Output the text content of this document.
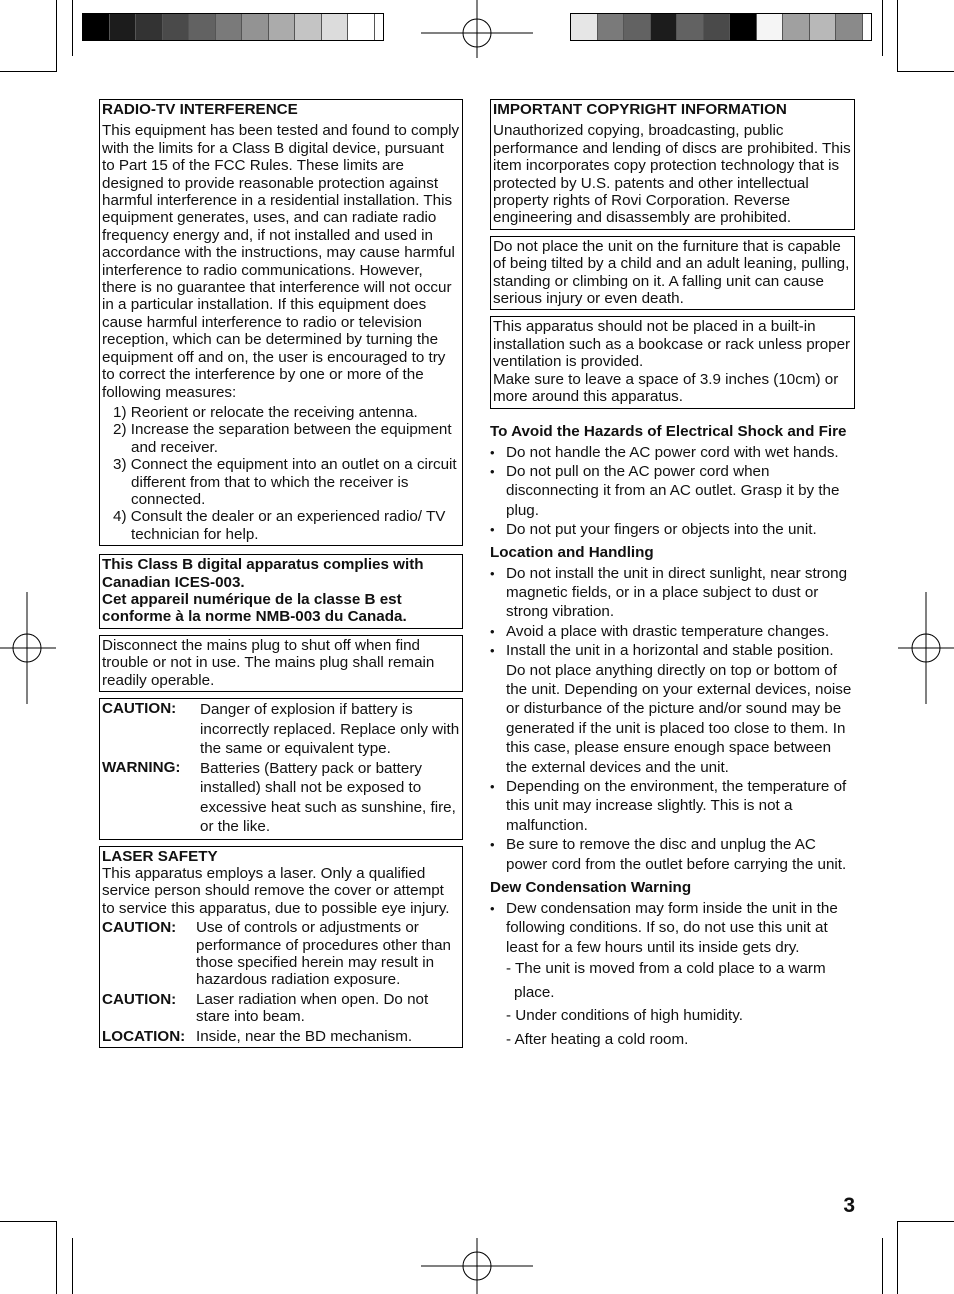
RADIO-TV INTERFERENCE

This equipment has been tested and found to comply with the limits for a Class B digital device, pursuant to Part 15 of the FCC Rules. These limits are designed to provide reasonable protection against harmful interference in a residential installation. This equipment generates, uses, and can radiate radio frequency energy and, if not installed and used in accordance with the instructions, may cause harmful interference to radio communications. However, there is no guarantee that interference will not occur in a particular installation. If this equipment does cause harmful interference to radio or television reception, which can be determined by turning the equipment off and on, the user is encouraged to try to correct the interference by one or more of the following measures:

1) Reorient or relocate the receiving antenna.
2) Increase the separation between the equipment and receiver.
3) Connect the equipment into an outlet on a circuit different from that to which the receiver is connected.
4) Consult the dealer or an experienced radio/ TV technician for help.

This Class B digital apparatus complies with Canadian ICES-003.

Cet appareil numérique de la classe B est conforme à la norme NMB-003 du Canada.

Disconnect the mains plug to shut off when find trouble or not in use. The mains plug shall remain readily operable.

CAUTION:	Danger of explosion if battery is incorrectly replaced. Replace only with the same or equivalent type.
WARNING:	Batteries (Battery pack or battery installed) shall not be exposed to excessive heat such as sunshine, fire, or the like.

LASER SAFETY

This apparatus employs a laser. Only a qualified service person should remove the cover or attempt to service this apparatus, due to possible eye injury.

CAUTION:	Use of controls or adjustments or performance of procedures other than those specified herein may result in hazardous radiation exposure.
CAUTION:	Laser radiation when open. Do not stare into beam.
LOCATION: Inside, near the BD mechanism.

IMPORTANT COPYRIGHT INFORMATION

Unauthorized copying, broadcasting, public performance and lending of discs are prohibited. This item incorporates copy protection technology that is protected by U.S. patents and other intellectual property rights of Rovi Corporation. Reverse engineering and disassembly are prohibited.

Do not place the unit on the furniture that is capable of being tilted by a child and an adult leaning, pulling, standing or climbing on it. A falling unit can cause serious injury or even death.

This apparatus should not be placed in a built-in installation such as a bookcase or rack unless proper ventilation is provided.

Make sure to leave a space of 3.9 inches (10cm) or more around this apparatus.

To Avoid the Hazards of Electrical Shock and Fire
• Do not handle the AC power cord with wet hands.
• Do not pull on the AC power cord when disconnecting it from an AC outlet. Grasp it by the plug.
• Do not put your fingers or objects into the unit.
Location and Handling
• Do not install the unit in direct sunlight, near strong magnetic fields, or in a place subject to dust or strong vibration.
• Avoid a place with drastic temperature changes.
• Install the unit in a horizontal and stable position. Do not place anything directly on top or bottom of the unit. Depending on your external devices, noise or disturbance of the picture and/or sound may be generated if the unit is placed too close to them. In this case, please ensure enough space between the external devices and the unit.
• Depending on the environment, the temperature of this unit may increase slightly. This is not a malfunction.
• Be sure to remove the disc and unplug the AC power cord from the outlet before carrying the unit.
Dew Condensation Warning
• Dew condensation may form inside the unit in the following conditions. If so, do not use this unit at least for a few hours until its inside gets dry.
- The unit is moved from a cold place to a warm place.
- Under conditions of high humidity.
- After heating a cold room.
3
